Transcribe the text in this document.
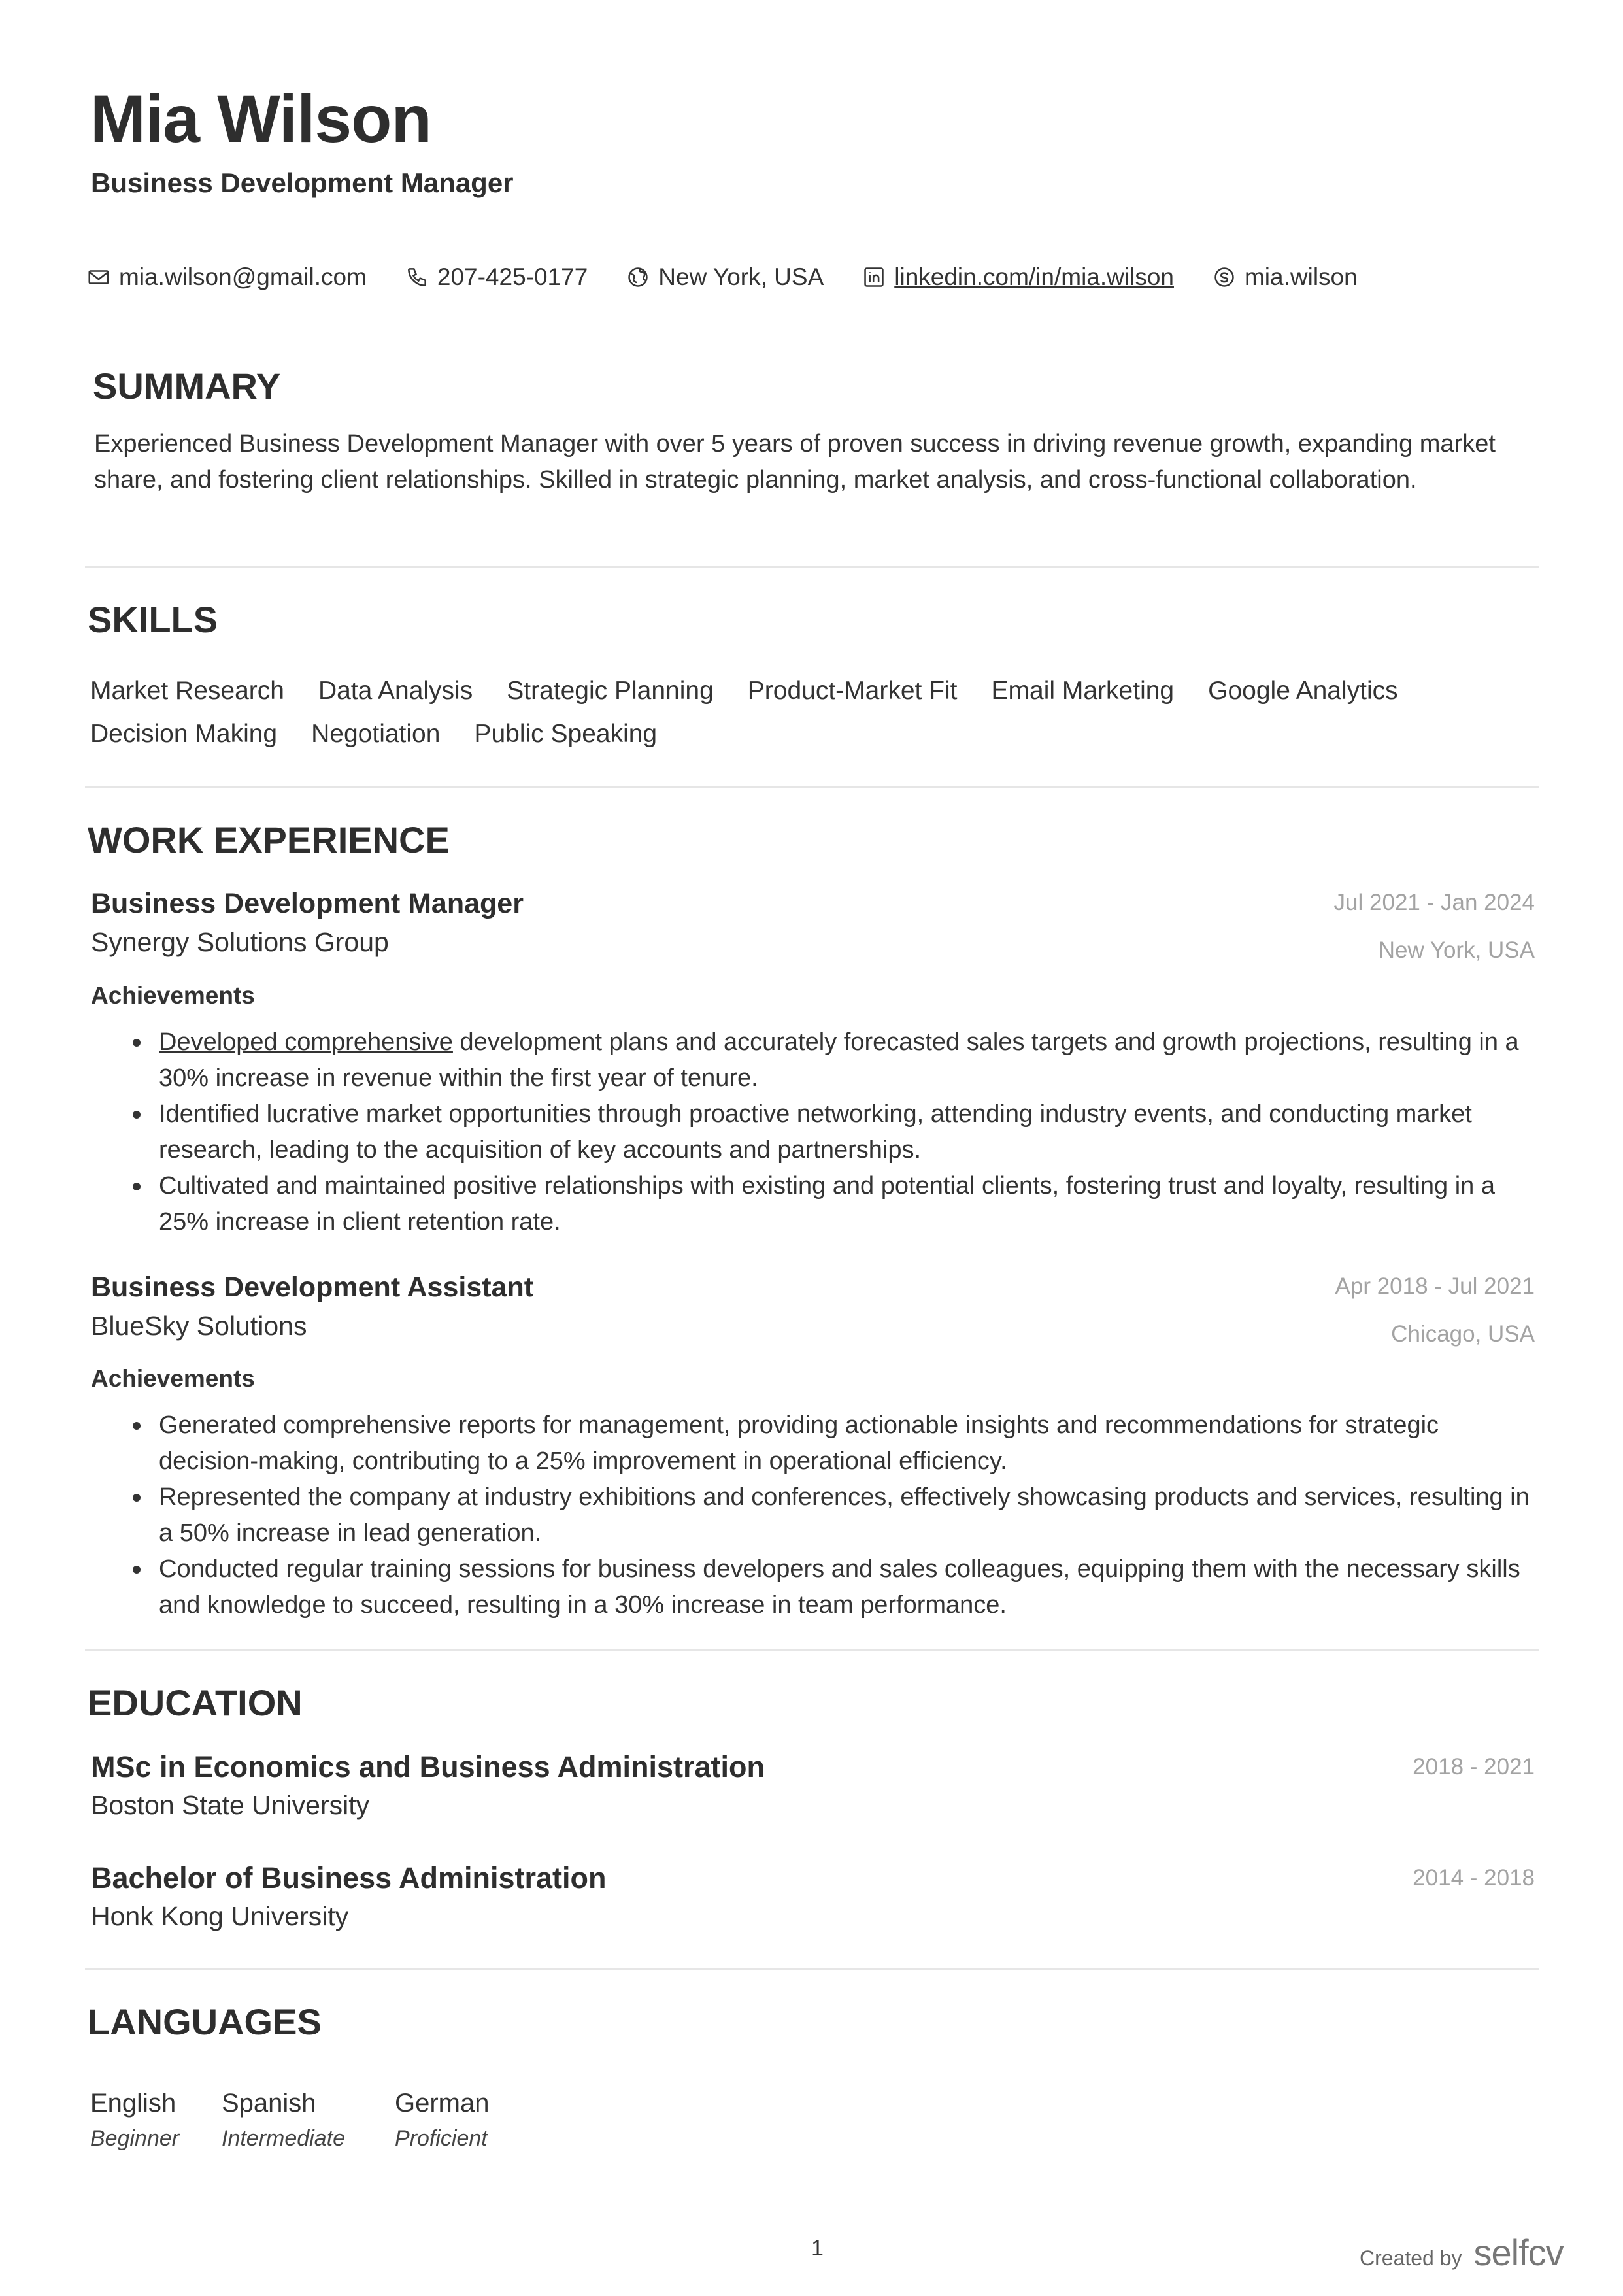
Mia Wilson
Business Development Manager
mia.wilson@gmail.com	207-425-0177	New York, USA	linkedin.com/in/mia.wilson	mia.wilson
SUMMARY
Experienced Business Development Manager with over 5 years of proven success in driving revenue growth, expanding market share, and fostering client relationships. Skilled in strategic planning, market analysis, and cross-functional collaboration.
SKILLS
Market Research Data Analysis Strategic Planning Product-Market Fit Email Marketing Google Analytics
Decision Making Negotiation Public Speaking
WORK EXPERIENCE
Business Development Manager	Jul 2021 - Jan 2024
Synergy Solutions Group	New York, USA
Achievements
Developed comprehensive development plans and accurately forecasted sales targets and growth projections, resulting in a 30% increase in revenue within the first year of tenure.
Identified lucrative market opportunities through proactive networking, attending industry events, and conducting market research, leading to the acquisition of key accounts and partnerships.
Cultivated and maintained positive relationships with existing and potential clients, fostering trust and loyalty, resulting in a 25% increase in client retention rate.
Business Development Assistant	Apr 2018 - Jul 2021
BlueSky Solutions	Chicago, USA
Achievements
Generated comprehensive reports for management, providing actionable insights and recommendations for strategic decision-making, contributing to a 25% improvement in operational efficiency.
Represented the company at industry exhibitions and conferences, effectively showcasing products and services, resulting in a 50% increase in lead generation.
Conducted regular training sessions for business developers and sales colleagues, equipping them with the necessary skills and knowledge to succeed, resulting in a 30% increase in team performance.
EDUCATION
MSc in Economics and Business Administration	2018 - 2021
Boston State University
Bachelor of Business Administration	2014 - 2018
Honk Kong University
LANGUAGES
English
Beginner
Spanish
Intermediate
German
Proficient
1	Created by selfcv
